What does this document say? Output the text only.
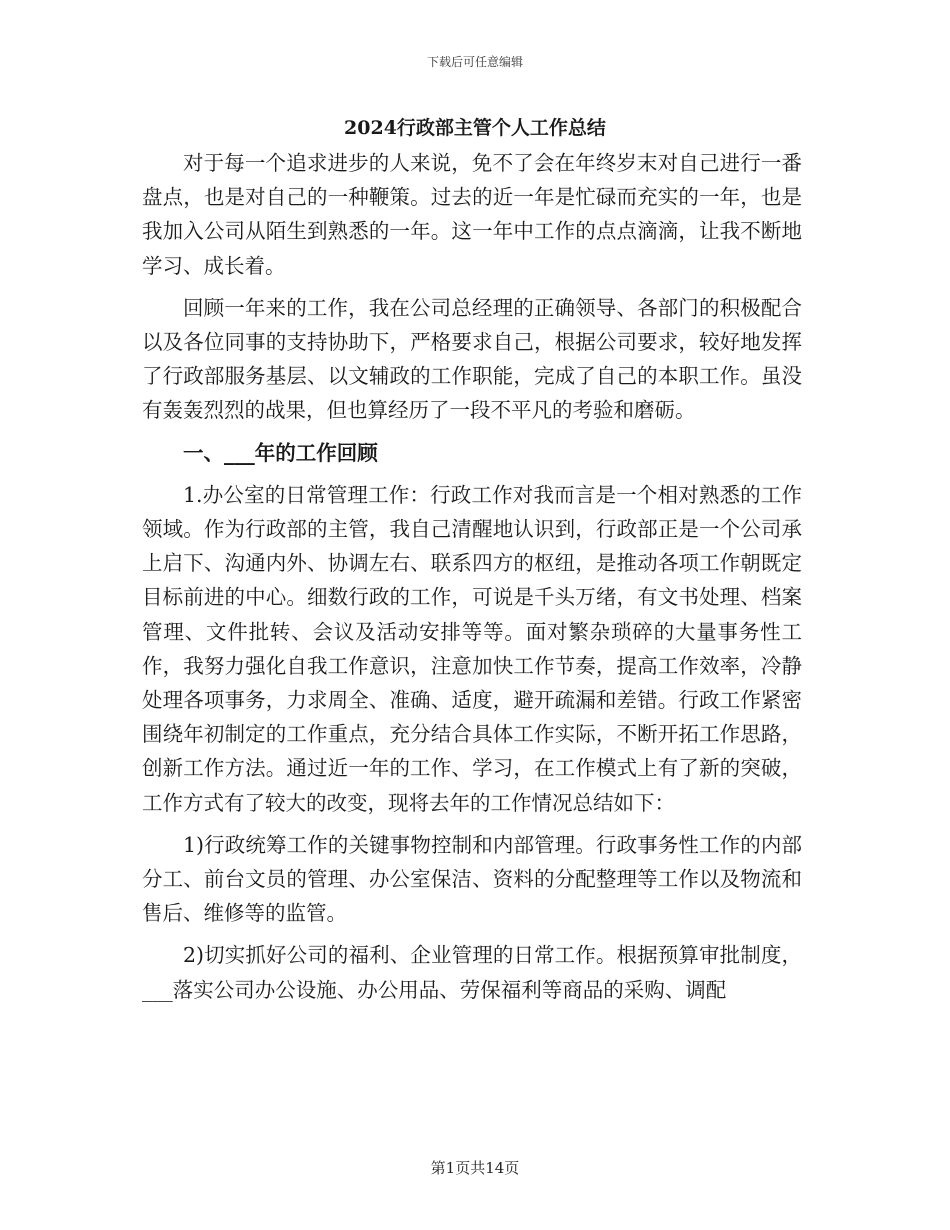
下载后可任意编辑
2024行政部主管个人工作总结

对于每一个追求进步的人来说，免不了会在年终岁末对自己进行一番盘点，也是对自己的一种鞭策。过去的近一年是忙碌而充实的一年，也是我加入公司从陌生到熟悉的一年。这一年中工作的点点滴滴，让我不断地学习、成长着。

回顾一年来的工作，我在公司总经理的正确领导、各部门的积极配合以及各位同事的支持协助下，严格要求自己，根据公司要求，较好地发挥了行政部服务基层、以文辅政的工作职能，完成了自己的本职工作。虽没有轰轰烈烈的战果，但也算经历了一段不平凡的考验和磨砺。

一、___年的工作回顾

1.办公室的日常管理工作：行政工作对我而言是一个相对熟悉的工作领域。作为行政部的主管，我自己清醒地认识到，行政部正是一个公司承上启下、沟通内外、协调左右、联系四方的枢纽，是推动各项工作朝既定目标前进的中心。细数行政的工作，可说是千头万绪，有文书处理、档案管理、文件批转、会议及活动安排等等。面对繁杂琐碎的大量事务性工作，我努力强化自我工作意识，注意加快工作节奏，提高工作效率，冷静处理各项事务，力求周全、准确、适度，避开疏漏和差错。行政工作紧密围绕年初制定的工作重点，充分结合具体工作实际，不断开拓工作思路，创新工作方法。通过近一年的工作、学习，在工作模式上有了新的突破，工作方式有了较大的改变，现将去年的工作情况总结如下：

1)行政统筹工作的关键事物控制和内部管理。行政事务性工作的内部分工、前台文员的管理、办公室保洁、资料的分配整理等工作以及物流和售后、维修等的监管。

2)切实抓好公司的福利、企业管理的日常工作。根据预算审批制度，___落实公司办公设施、办公用品、劳保福利等商品的采购、调配

第1页共14页
